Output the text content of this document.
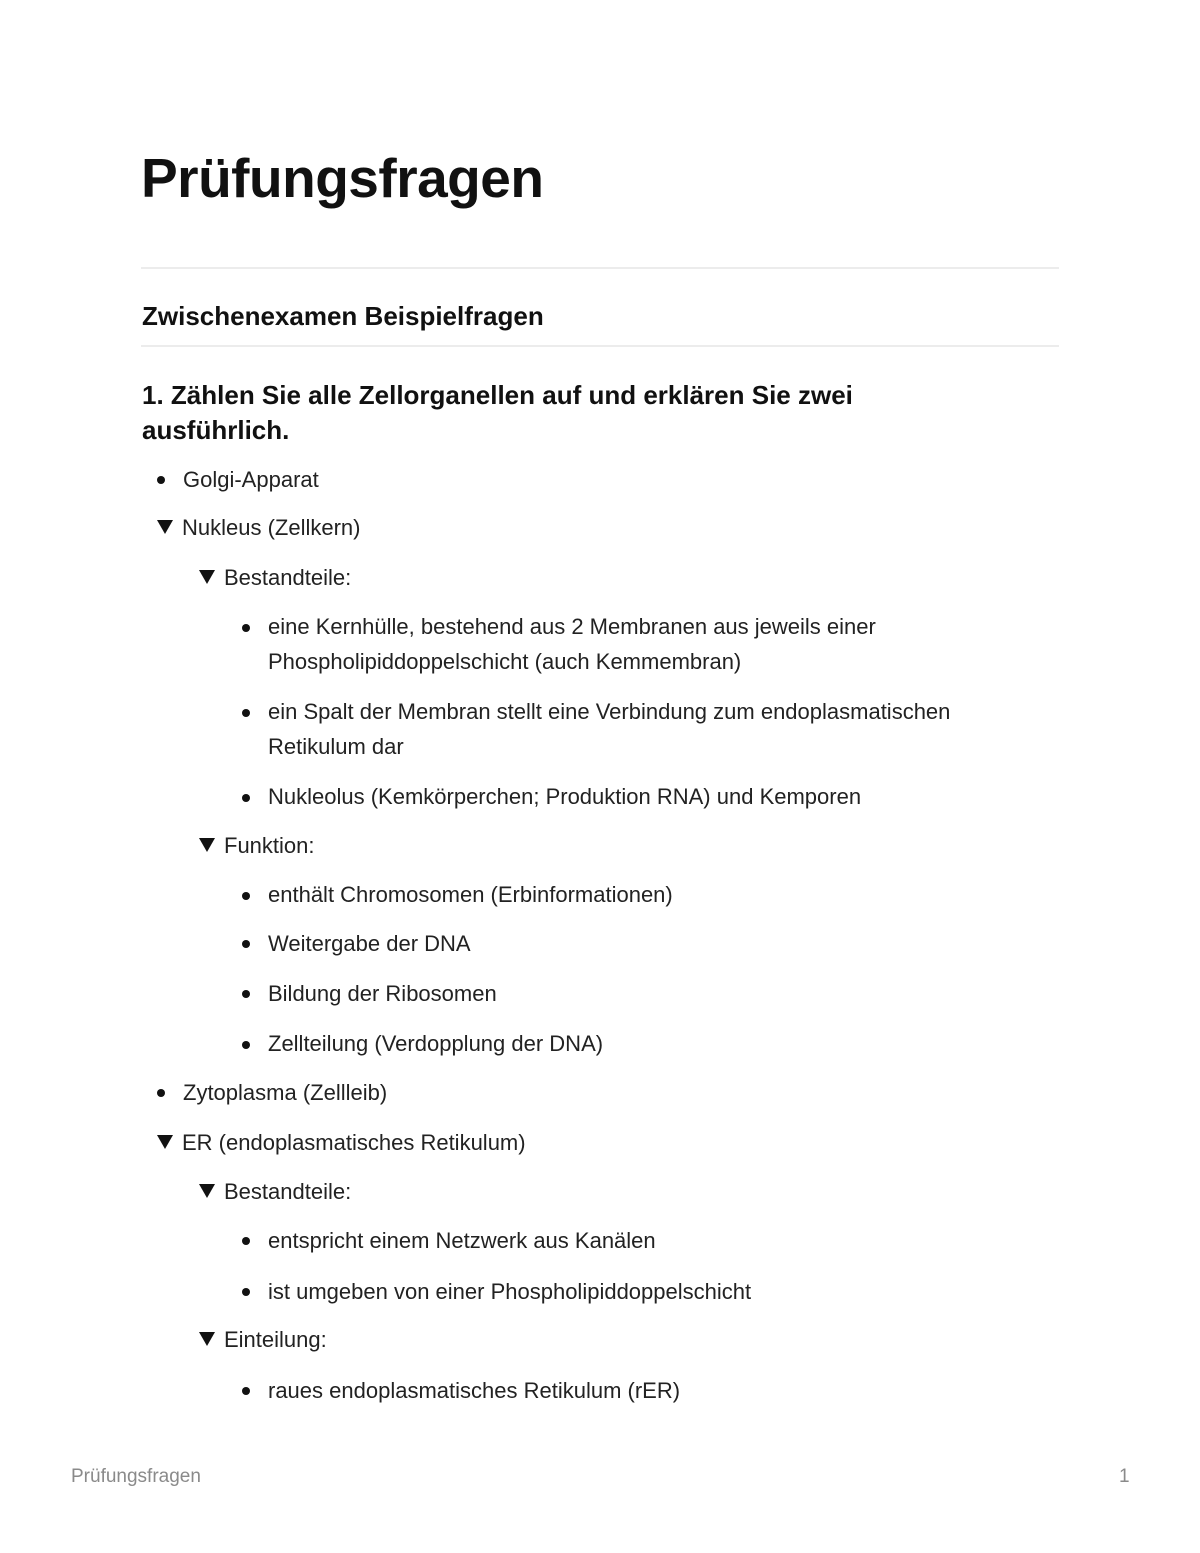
Prüfungsfragen
Zwischenexamen Beispielfragen
1. Zählen Sie alle Zellorganellen auf und erklären Sie zwei ausführlich.
Golgi-Apparat
Nukleus (Zellkern)
Bestandteile:
eine Kernhülle, bestehend aus 2 Membranen aus jeweils einer Phospholipiddoppelschicht (auch Kemmembran)
ein Spalt der Membran stellt eine Verbindung zum endoplasmatischen Retikulum dar
Nukleolus (Kemkörperchen; Produktion RNA) und Kemporen
Funktion:
enthält Chromosomen (Erbinformationen)
Weitergabe der DNA
Bildung der Ribosomen
Zellteilung (Verdopplung der DNA)
Zytoplasma (Zellleib)
ER (endoplasmatisches Retikulum)
Bestandteile:
entspricht einem Netzwerk aus Kanälen
ist umgeben von einer Phospholipiddoppelschicht
Einteilung:
raues endoplasmatisches Retikulum (rER)
Prüfungsfragen	1
